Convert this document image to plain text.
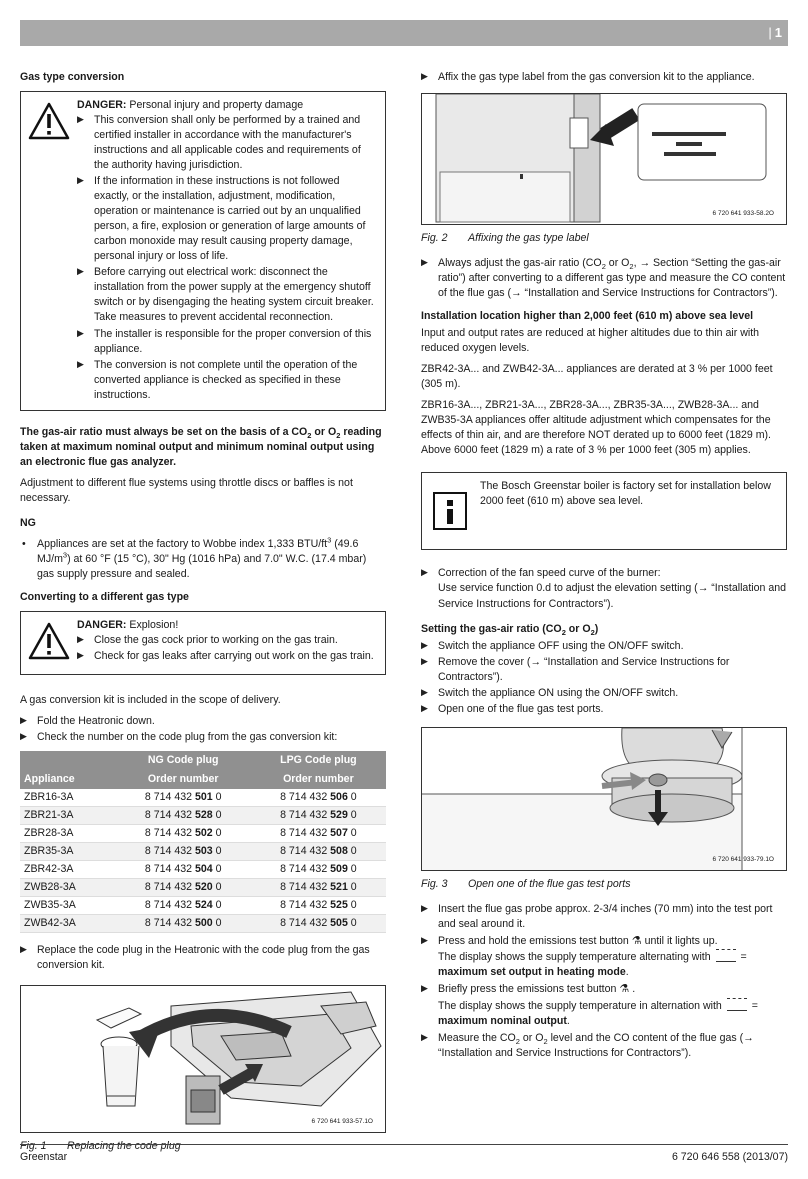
| 1
Gas type conversion
DANGER: Personal injury and property damage
▶ This conversion shall only be performed by a trained and certified installer in accordance with the manufacturer's instructions and all applicable codes and requirements of the authority having jurisdiction.
▶ If the information in these instructions is not followed exactly, or the installation, adjustment, modification, operation or maintenance is carried out by an unqualified person, a fire, explosion or generation of large amounts of carbon monoxide may result causing property damage, personal injury or loss of life.
▶ Before carrying out electrical work: disconnect the installation from the power supply at the emergency shutoff switch or by disengaging the heating system circuit breaker. Take measures to prevent accidental reconnection.
▶ The installer is responsible for the proper conversion of this appliance.
▶ The conversion is not complete until the operation of the converted appliance is checked as specified in these instructions.

The gas-air ratio must always be set on the basis of a $CO_2$ or $O_2$ reading taken at maximum nominal output and minimum nominal output using an electronic flue gas analyzer.

Adjustment to different flue systems using throttle discs or baffles is not necessary.

NG
• Appliances are set at the factory to Wobbe index 1,333 BTU/$ft^3$ (49.6 $MJ/m^3$) at 60 °F (15 °C), 30" Hg (1016 hPa) and 7.0" W.C. (17.4 mbar) gas supply pressure and sealed.
Converting to a different gas type
DANGER: Explosion!
▶ Close the gas cock prior to working on the gas train.
▶ Check for gas leaks after carrying out work on the gas train.

A gas conversion kit is included in the scope of delivery.

▶ Fold the Heatronic down.
▶ Check the number on the code plug from the gas conversion kit:
	NG Code plug	LPG Code plug
Appliance	Order number	Order number
ZBR16-3A	8 714 432 501 0	8 714 432 506 0
ZBR21-3A	8 714 432 528 0	8 714 432 529 0
ZBR28-3A	8 714 432 502 0	8 714 432 507 0
ZBR35-3A	8 714 432 503 0	8 714 432 508 0
ZBR42-3A	8 714 432 504 0	8 714 432 509 0
ZWB28-3A	8 714 432 520 0	8 714 432 521 0
ZWB35-3A	8 714 432 524 0	8 714 432 525 0
ZWB42-3A	8 714 432 500 0	8 714 432 505 0
▶ Replace the code plug in the Heatronic with the code plug from the gas conversion kit.
6 720 641 933-57.1O
Fig. 1	Replacing the code plug
▶ Affix the gas type label from the gas conversion kit to the appliance.
6 720 641 933-58.2O
Fig. 2	Affixing the gas type label
▶ Always adjust the gas-air ratio ($CO_2$ or $O_2$, → Section “Setting the gas-air ratio”) after converting to a different gas type and measure the CO content of the flue gas (→ “Installation and Service Instructions for Contractors”).
Installation location higher than 2,000 feet (610 m) above sea level

Input and output rates are reduced at higher altitudes due to thin air with reduced oxygen levels.

ZBR42-3A... and ZWB42-3A... appliances are derated at 3 % per 1000 feet (305 m).

ZBR16-3A..., ZBR21-3A..., ZBR28-3A..., ZBR35-3A..., ZWB28-3A... and ZWB35-3A appliances offer altitude adjustment which compensates for the effects of thin air, and are therefore NOT derated up to 6000 feet (1829 m). Above 6000 feet (1829 m) a rate of 3 % per 1000 feet (305 m) applies.

The Bosch Greenstar boiler is factory set for installation below 2000 feet (610 m) above sea level.
▶ Correction of the fan speed curve of the burner:
Use service function 0.d to adjust the elevation setting (→ “Installation and Service Instructions for Contractors”).
Setting the gas-air ratio ($CO_2$ or $O_2$)
▶ Switch the appliance OFF using the ON/OFF switch.
▶ Remove the cover (→ “Installation and Service Instructions for Contractors”).
▶ Switch the appliance ON using the ON/OFF switch.
▶ Open one of the flue gas test ports.
6 720 641 933-79.1O
Fig. 3	Open one of the flue gas test ports
▶ Insert the flue gas probe approx. 2-3/4 inches (70 mm) into the test port and seal around it.
▶ Press and hold the emissions test button ⚗ until it lights up.
The display shows the supply temperature alternating with	= maximum set output in heating mode.
▶ Briefly press the emissions test button ⚗ .
The display shows the supply temperature in alternation with	= maximum nominal output.
▶ Measure the $CO_2$ or $O_2$ level and the CO content of the flue gas (→ “Installation and Service Instructions for Contractors”).
Greenstar	6 720 646 558 (2013/07)
